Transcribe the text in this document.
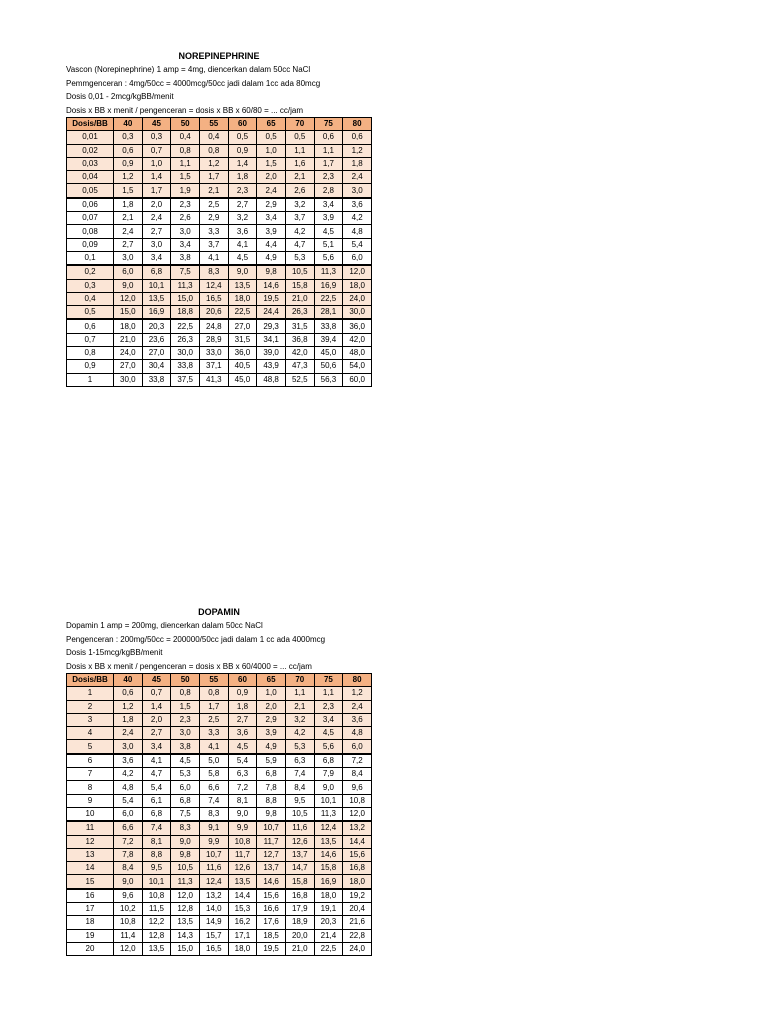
NOREPINEPHRINE
Vascon (Norepinephrine) 1 amp = 4mg, diencerkan dalam 50cc NaCl
Pemmgenceran : 4mg/50cc = 4000mcg/50cc jadi dalam 1cc ada 80mcg
Dosis 0,01 - 2mcg/kgBB/menit
Dosis x BB x menit / pengenceran = dosis x BB x 60/80 = ... cc/jam
Dosis/BB	40	45	50	55	60	65	70	75	80
0,01	0,3	0,3	0,4	0,4	0,5	0,5	0,5	0,6	0,6
0,02	0,6	0,7	0,8	0,8	0,9	1,0	1,1	1,1	1,2
0,03	0,9	1,0	1,1	1,2	1,4	1,5	1,6	1,7	1,8
0,04	1,2	1,4	1,5	1,7	1,8	2,0	2,1	2,3	2,4
0,05	1,5	1,7	1,9	2,1	2,3	2,4	2,6	2,8	3,0
0,06	1,8	2,0	2,3	2,5	2,7	2,9	3,2	3,4	3,6
0,07	2,1	2,4	2,6	2,9	3,2	3,4	3,7	3,9	4,2
0,08	2,4	2,7	3,0	3,3	3,6	3,9	4,2	4,5	4,8
0,09	2,7	3,0	3,4	3,7	4,1	4,4	4,7	5,1	5,4
0,1	3,0	3,4	3,8	4,1	4,5	4,9	5,3	5,6	6,0
0,2	6,0	6,8	7,5	8,3	9,0	9,8	10,5	11,3	12,0
0,3	9,0	10,1	11,3	12,4	13,5	14,6	15,8	16,9	18,0
0,4	12,0	13,5	15,0	16,5	18,0	19,5	21,0	22,5	24,0
0,5	15,0	16,9	18,8	20,6	22,5	24,4	26,3	28,1	30,0
0,6	18,0	20,3	22,5	24,8	27,0	29,3	31,5	33,8	36,0
0,7	21,0	23,6	26,3	28,9	31,5	34,1	36,8	39,4	42,0
0,8	24,0	27,0	30,0	33,0	36,0	39,0	42,0	45,0	48,0
0,9	27,0	30,4	33,8	37,1	40,5	43,9	47,3	50,6	54,0
1	30,0	33,8	37,5	41,3	45,0	48,8	52,5	56,3	60,0
DOPAMIN
Dopamin 1 amp = 200mg, diencerkan dalam 50cc NaCl
Pengenceran : 200mg/50cc = 200000/50cc jadi dalam 1 cc ada 4000mcg
Dosis 1-15mcg/kgBB/menit
Dosis x BB x menit / pengenceran = dosis x BB x 60/4000 = ... cc/jam
Dosis/BB	40	45	50	55	60	65	70	75	80
1	0,6	0,7	0,8	0,8	0,9	1,0	1,1	1,1	1,2
2	1,2	1,4	1,5	1,7	1,8	2,0	2,1	2,3	2,4
3	1,8	2,0	2,3	2,5	2,7	2,9	3,2	3,4	3,6
4	2,4	2,7	3,0	3,3	3,6	3,9	4,2	4,5	4,8
5	3,0	3,4	3,8	4,1	4,5	4,9	5,3	5,6	6,0
6	3,6	4,1	4,5	5,0	5,4	5,9	6,3	6,8	7,2
7	4,2	4,7	5,3	5,8	6,3	6,8	7,4	7,9	8,4
8	4,8	5,4	6,0	6,6	7,2	7,8	8,4	9,0	9,6
9	5,4	6,1	6,8	7,4	8,1	8,8	9,5	10,1	10,8
10	6,0	6,8	7,5	8,3	9,0	9,8	10,5	11,3	12,0
11	6,6	7,4	8,3	9,1	9,9	10,7	11,6	12,4	13,2
12	7,2	8,1	9,0	9,9	10,8	11,7	12,6	13,5	14,4
13	7,8	8,8	9,8	10,7	11,7	12,7	13,7	14,6	15,6
14	8,4	9,5	10,5	11,6	12,6	13,7	14,7	15,8	16,8
15	9,0	10,1	11,3	12,4	13,5	14,6	15,8	16,9	18,0
16	9,6	10,8	12,0	13,2	14,4	15,6	16,8	18,0	19,2
17	10,2	11,5	12,8	14,0	15,3	16,6	17,9	19,1	20,4
18	10,8	12,2	13,5	14,9	16,2	17,6	18,9	20,3	21,6
19	11,4	12,8	14,3	15,7	17,1	18,5	20,0	21,4	22,8
20	12,0	13,5	15,0	16,5	18,0	19,5	21,0	22,5	24,0
